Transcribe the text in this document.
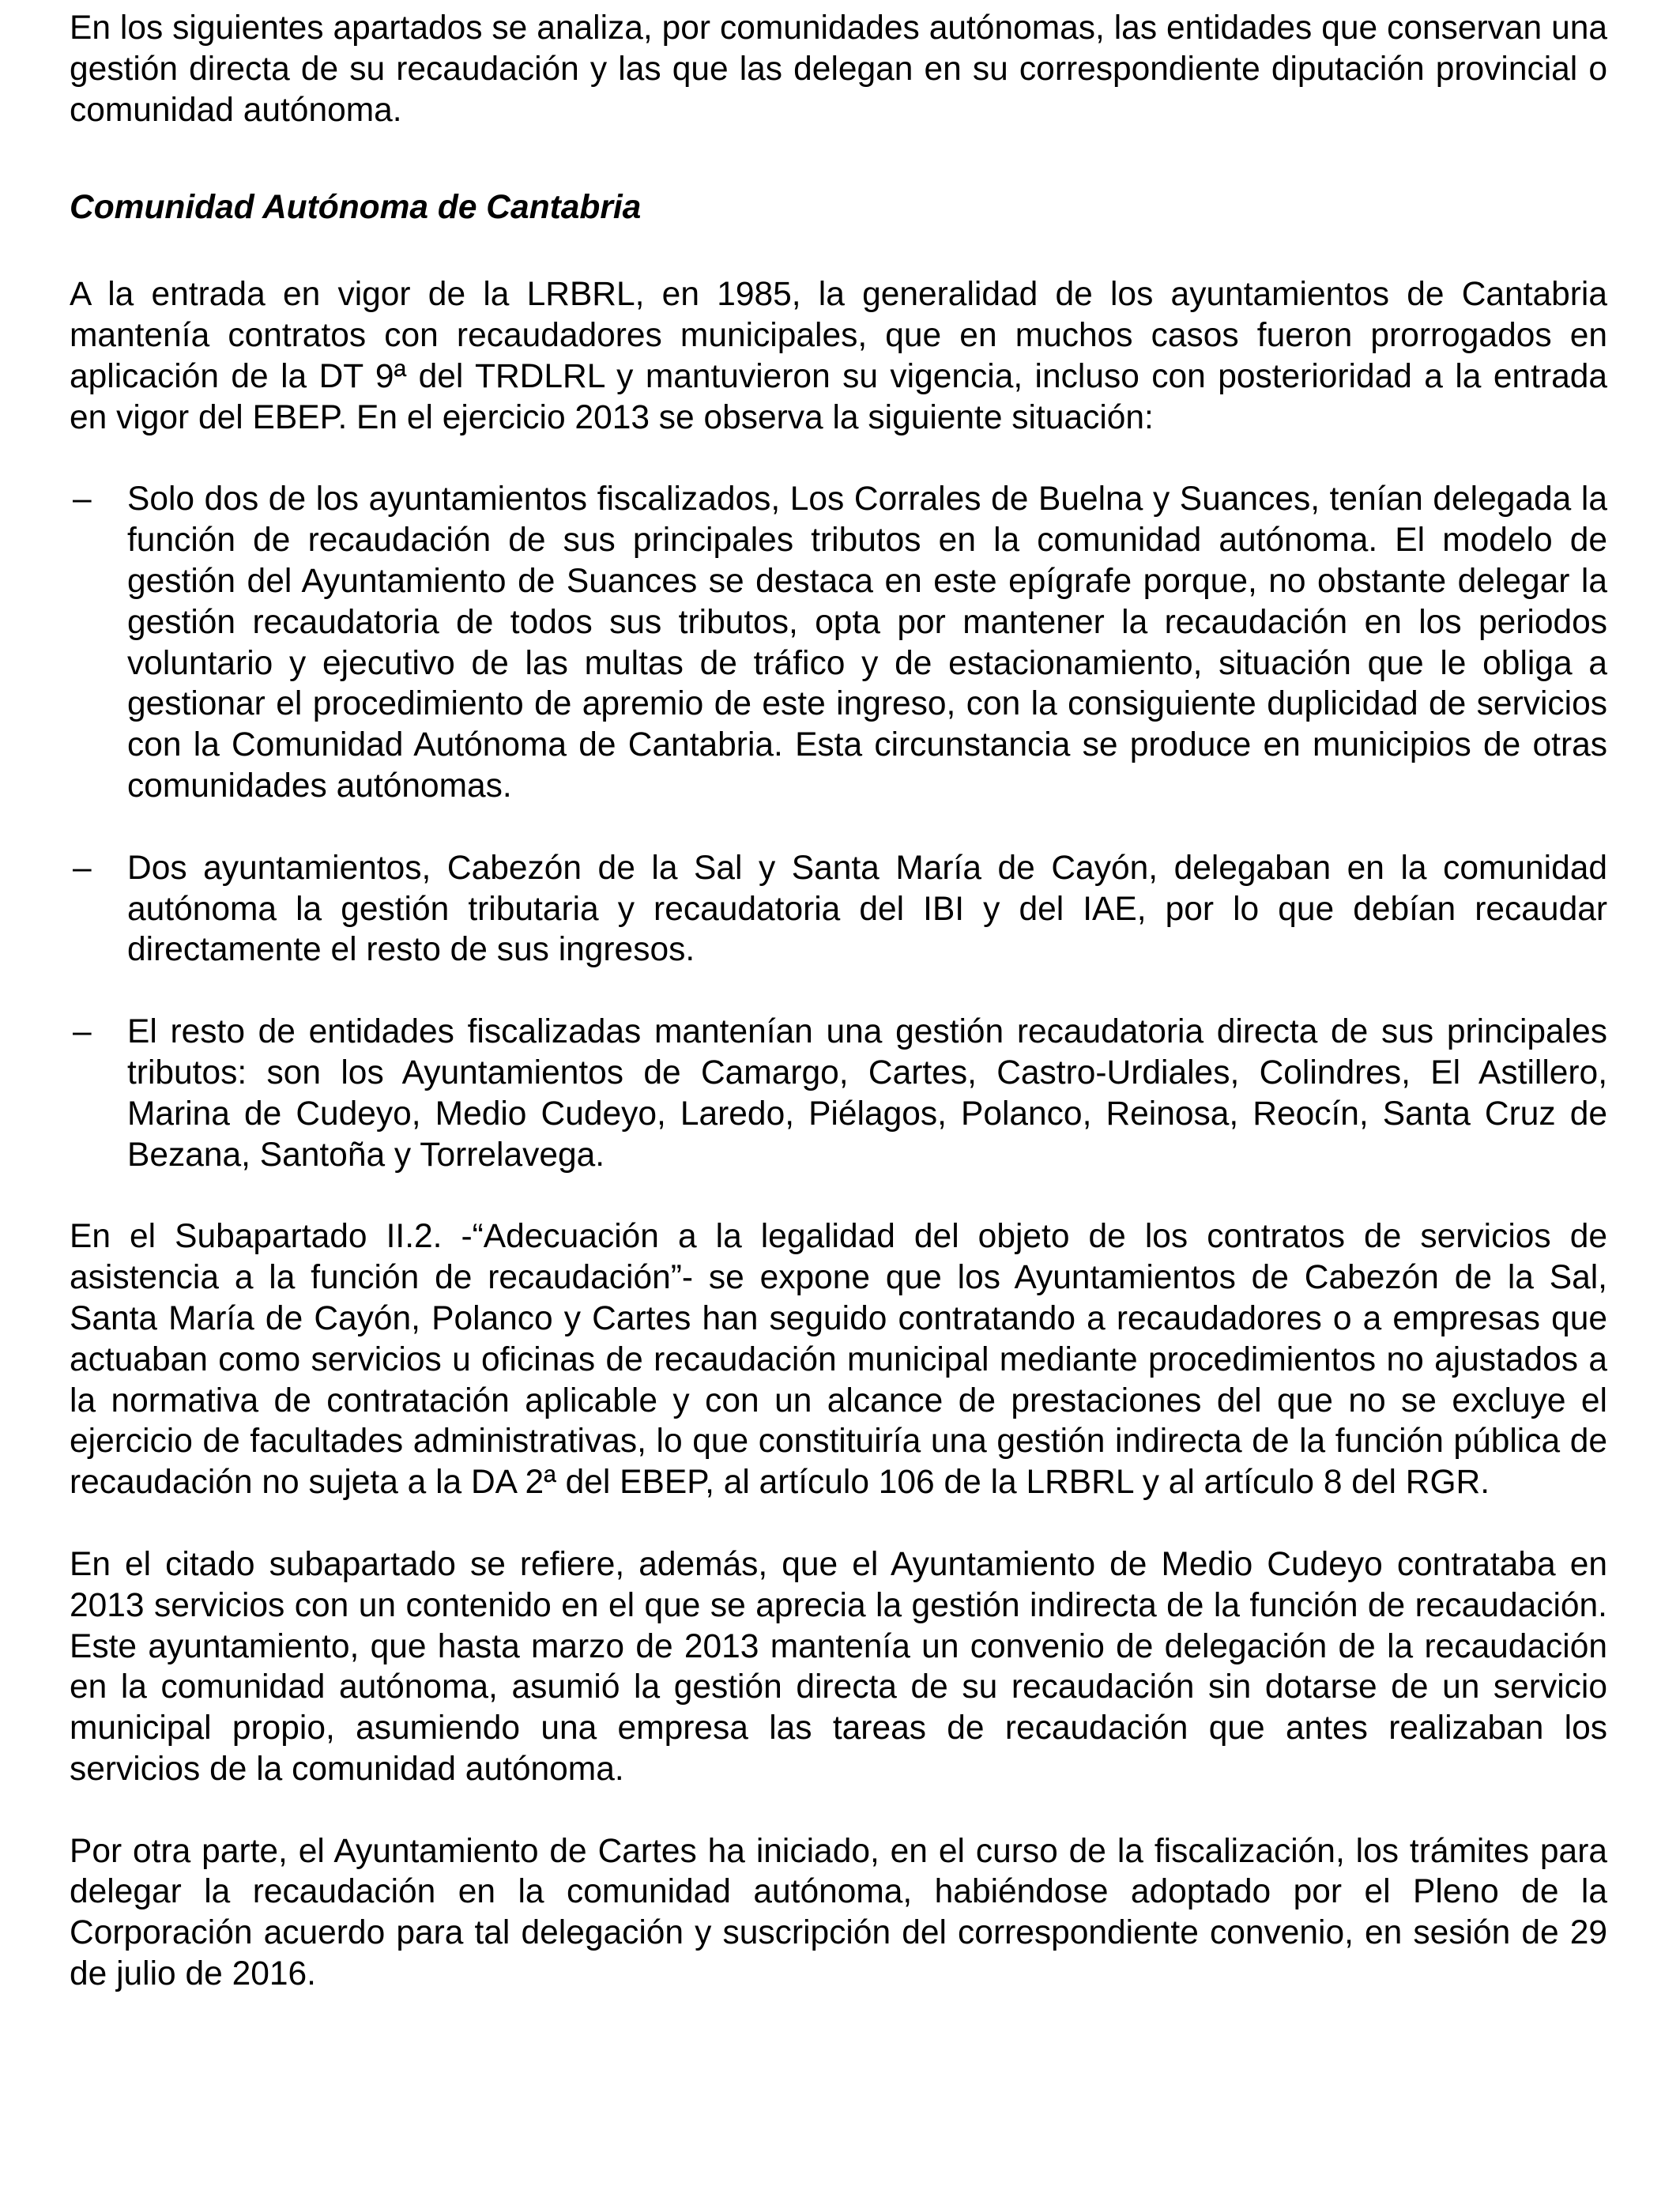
En los siguientes apartados se analiza, por comunidades autónomas, las entidades que conservan una gestión directa de su recaudación y las que las delegan en su correspondiente diputación provincial o comunidad autónoma.

Comunidad Autónoma de Cantabria

A la entrada en vigor de la LRBRL, en 1985, la generalidad de los ayuntamientos de Cantabria mantenía contratos con recaudadores municipales, que en muchos casos fueron prorrogados en aplicación de la DT 9ª del TRDLRL y mantuvieron su vigencia, incluso con posterioridad a la entrada en vigor del EBEP. En el ejercicio 2013 se observa la siguiente situación:

– Solo dos de los ayuntamientos fiscalizados, Los Corrales de Buelna y Suances, tenían delegada la función de recaudación de sus principales tributos en la comunidad autónoma. El modelo de gestión del Ayuntamiento de Suances se destaca en este epígrafe porque, no obstante delegar la gestión recaudatoria de todos sus tributos, opta por mantener la recaudación en los periodos voluntario y ejecutivo de las multas de tráfico y de estacionamiento, situación que le obliga a gestionar el procedimiento de apremio de este ingreso, con la consiguiente duplicidad de servicios con la Comunidad Autónoma de Cantabria. Esta circunstancia se produce en municipios de otras comunidades autónomas.

– Dos ayuntamientos, Cabezón de la Sal y Santa María de Cayón, delegaban en la comunidad autónoma la gestión tributaria y recaudatoria del IBI y del IAE, por lo que debían recaudar directamente el resto de sus ingresos.

– El resto de entidades fiscalizadas mantenían una gestión recaudatoria directa de sus principales tributos: son los Ayuntamientos de Camargo, Cartes, Castro-Urdiales, Colindres, El Astillero, Marina de Cudeyo, Medio Cudeyo, Laredo, Piélagos, Polanco, Reinosa, Reocín, Santa Cruz de Bezana, Santoña y Torrelavega.

En el Subapartado II.2. -“Adecuación a la legalidad del objeto de los contratos de servicios de asistencia a la función de recaudación”- se expone que los Ayuntamientos de Cabezón de la Sal, Santa María de Cayón, Polanco y Cartes han seguido contratando a recaudadores o a empresas que actuaban como servicios u oficinas de recaudación municipal mediante procedimientos no ajustados a la normativa de contratación aplicable y con un alcance de prestaciones del que no se excluye el ejercicio de facultades administrativas, lo que constituiría una gestión indirecta de la función pública de recaudación no sujeta a la DA 2ª del EBEP, al artículo 106 de la LRBRL y al artículo 8 del RGR.

En el citado subapartado se refiere, además, que el Ayuntamiento de Medio Cudeyo contrataba en 2013 servicios con un contenido en el que se aprecia la gestión indirecta de la función de recaudación. Este ayuntamiento, que hasta marzo de 2013 mantenía un convenio de delegación de la recaudación en la comunidad autónoma, asumió la gestión directa de su recaudación sin dotarse de un servicio municipal propio, asumiendo una empresa las tareas de recaudación que antes realizaban los servicios de la comunidad autónoma.

Por otra parte, el Ayuntamiento de Cartes ha iniciado, en el curso de la fiscalización, los trámites para delegar la recaudación en la comunidad autónoma, habiéndose adoptado por el Pleno de la Corporación acuerdo para tal delegación y suscripción del correspondiente convenio, en sesión de 29 de julio de 2016.
